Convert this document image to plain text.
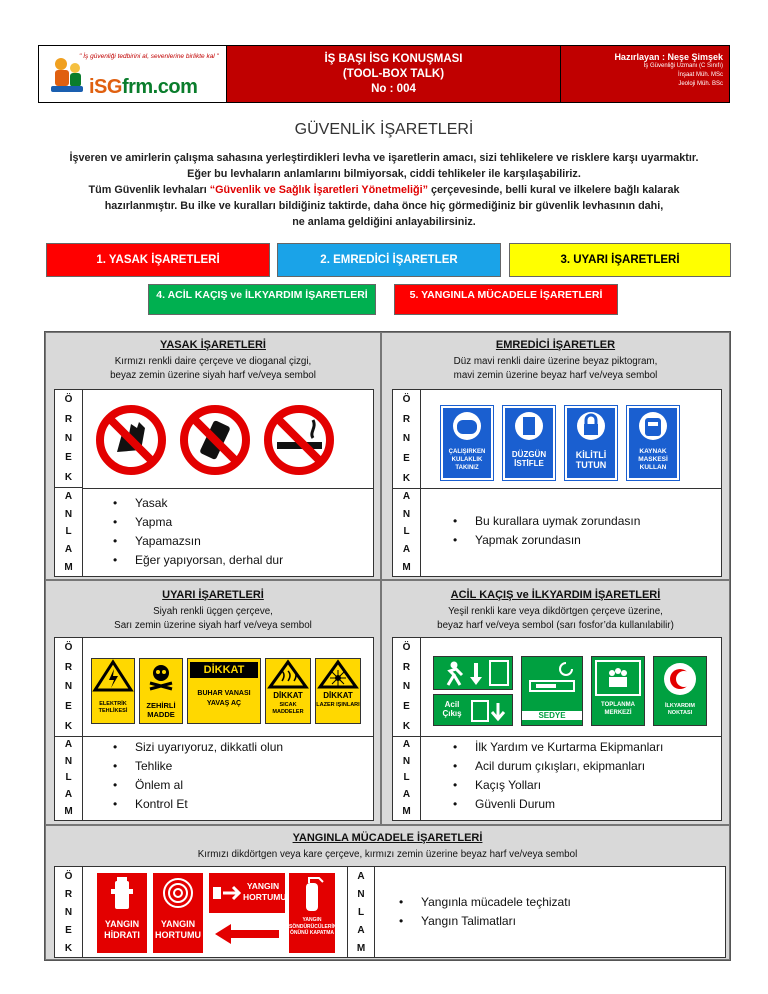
" İş güvenliği tedbirini al, sevenlerine birlikte kal "
iSGfrm.com
İŞ BAŞI İSG KONUŞMASI
(TOOL-BOX TALK)
No : 004
Hazırlayan : Neşe Şimşek
İş Güvenliği Uzmanı (C Sınıfı)
İnşaat Müh. MSc
Jeoloji Müh. BSc
GÜVENLİK İŞARETLERİ
İşveren ve amirlerin çalışma sahasına yerleştirdikleri levha ve işaretlerin amacı, sizi tehlikelere ve risklere karşı uyarmaktır.
Eğer bu levhaların anlamlarını bilmiyorsak, ciddi tehlikeler ile karşılaşabiliriz.
Tüm Güvenlik levhaları “Güvenlik ve Sağlık İşaretleri Yönetmeliği” çerçevesinde, belli kural ve ilkelere bağlı kalarak
hazırlanmıştır. Bu ilke ve kuralları bildiğiniz taktirde, daha önce hiç görmediğiniz bir güvenlik levhasının dahi,
ne anlama geldiğini anlayabilirsiniz.
1. YASAK İŞARETLERİ	2. EMREDİCİ İŞARETLER	3. UYARI İŞARETLERİ
4. ACİL KAÇIŞ ve İLKYARDIM İŞARETLERİ	5. YANGINLA MÜCADELE İŞARETLERİ
YASAK İŞARETLERİ
Kırmızı renkli daire çerçeve ve dioganal çizgi,
beyaz zemin üzerine siyah harf ve/veya sembol
Ö
R
N
E
K
A
N
L
A
M
• Yasak
• Yapma
• Yapamazsın
• Eğer yapıyorsan, derhal dur
EMREDİCİ İŞARETLER
Düz mavi renkli daire üzerine beyaz piktogram,
mavi zemin üzerine beyaz harf ve/veya sembol
Ö
R
N
E
K
A
N
L
A
M
ÇALIŞIRKEN KULAKLIK TAKINIZ
DÜZGÜN İSTİFLE
KİLİTLİ TUTUN
KAYNAK MASKESİ KULLAN
• Bu kurallara uymak zorundasın
• Yapmak zorundasın
UYARI İŞARETLERİ
Siyah renkli üçgen çerçeve,
Sarı zemin üzerine siyah harf ve/veya sembol
Ö
R
N
E
K
A
N
L
A
M
ELEKTRİK TEHLİKESİ
ZEHİRLİ MADDE
DİKKAT
BUHAR VANASI YAVAŞ AÇ
DİKKAT
SICAK MADDELER
DİKKAT
LAZER IŞINLARI
• Sizi uyarıyoruz, dikkatli olun
• Tehlike
• Önlem al
• Kontrol Et
ACİL KAÇIŞ ve İLKYARDIM İŞARETLERİ
Yeşil renkli kare veya dikdörtgen çerçeve üzerine,
beyaz harf ve/veya sembol (sarı fosfor’da kullanılabilir)
Ö
R
N
E
K
A
N
L
A
M
Acil Çıkış	SEDYE
TOPLANMA MERKEZİ
İLKYARDIM NOKTASI
• İlk Yardım ve Kurtarma Ekipmanları
• Acil durum çıkışları, ekipmanları
• Kaçış Yolları
• Güvenli Durum
YANGINLA MÜCADELE İŞARETLERİ
Kırmızı dikdörtgen veya kare çerçeve, kırmızı zemin üzerine beyaz harf ve/veya sembol
Ö
R
N
E
K
A
N
L
A
M
YANGIN HİDRATI
YANGIN HORTUMU
YANGIN HORTUMU
YANGIN SÖNDÜRÜCÜLERİN ÖNÜNÜ KAPATMA
• Yangınla mücadele teçhizatı
• Yangın Talimatları
